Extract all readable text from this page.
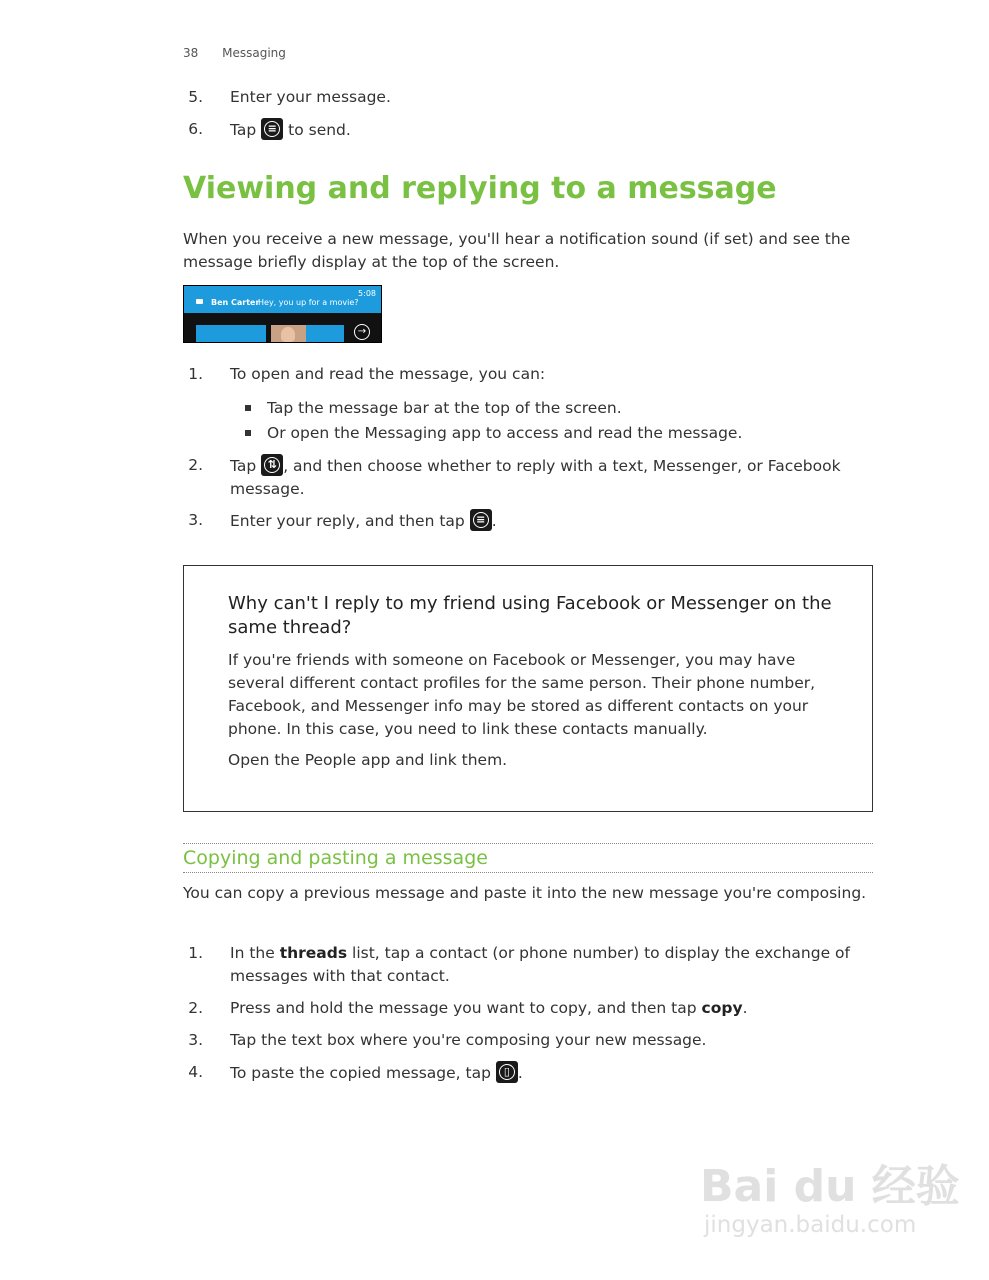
38 Messaging
5. Enter your message.
6. Tap	≡ to send.
Viewing and replying to a message
When you receive a new message, you'll hear a notification sound (if set) and see the message briefly display at the top of the screen.
Ben Carter
Hey, you up for a movie?
5:08
→
1. To open and read the message, you can:
Tap the message bar at the top of the screen.
Or open the Messaging app to access and read the message.
2. Tap	⇅ , and then choose whether to reply with a text, Messenger, or Facebook message.
3. Enter your reply, and then tap	≡ .
Why can't I reply to my friend using Facebook or Messenger on the same thread?
If you're friends with someone on Facebook or Messenger, you may have several different contact profiles for the same person. Their phone number, Facebook, and Messenger info may be stored as different contacts on your phone. In this case, you need to link these contacts manually.
Open the People app and link them.
Copying and pasting a message
You can copy a previous message and paste it into the new message you're composing.
1. In the threads list, tap a contact (or phone number) to display the exchange of messages with that contact.
2. Press and hold the message you want to copy, and then tap copy.
3. Tap the text box where you're composing your new message.
4. To paste the copied message, tap	▯ .
Bai du 经验
jingyan.baidu.com
